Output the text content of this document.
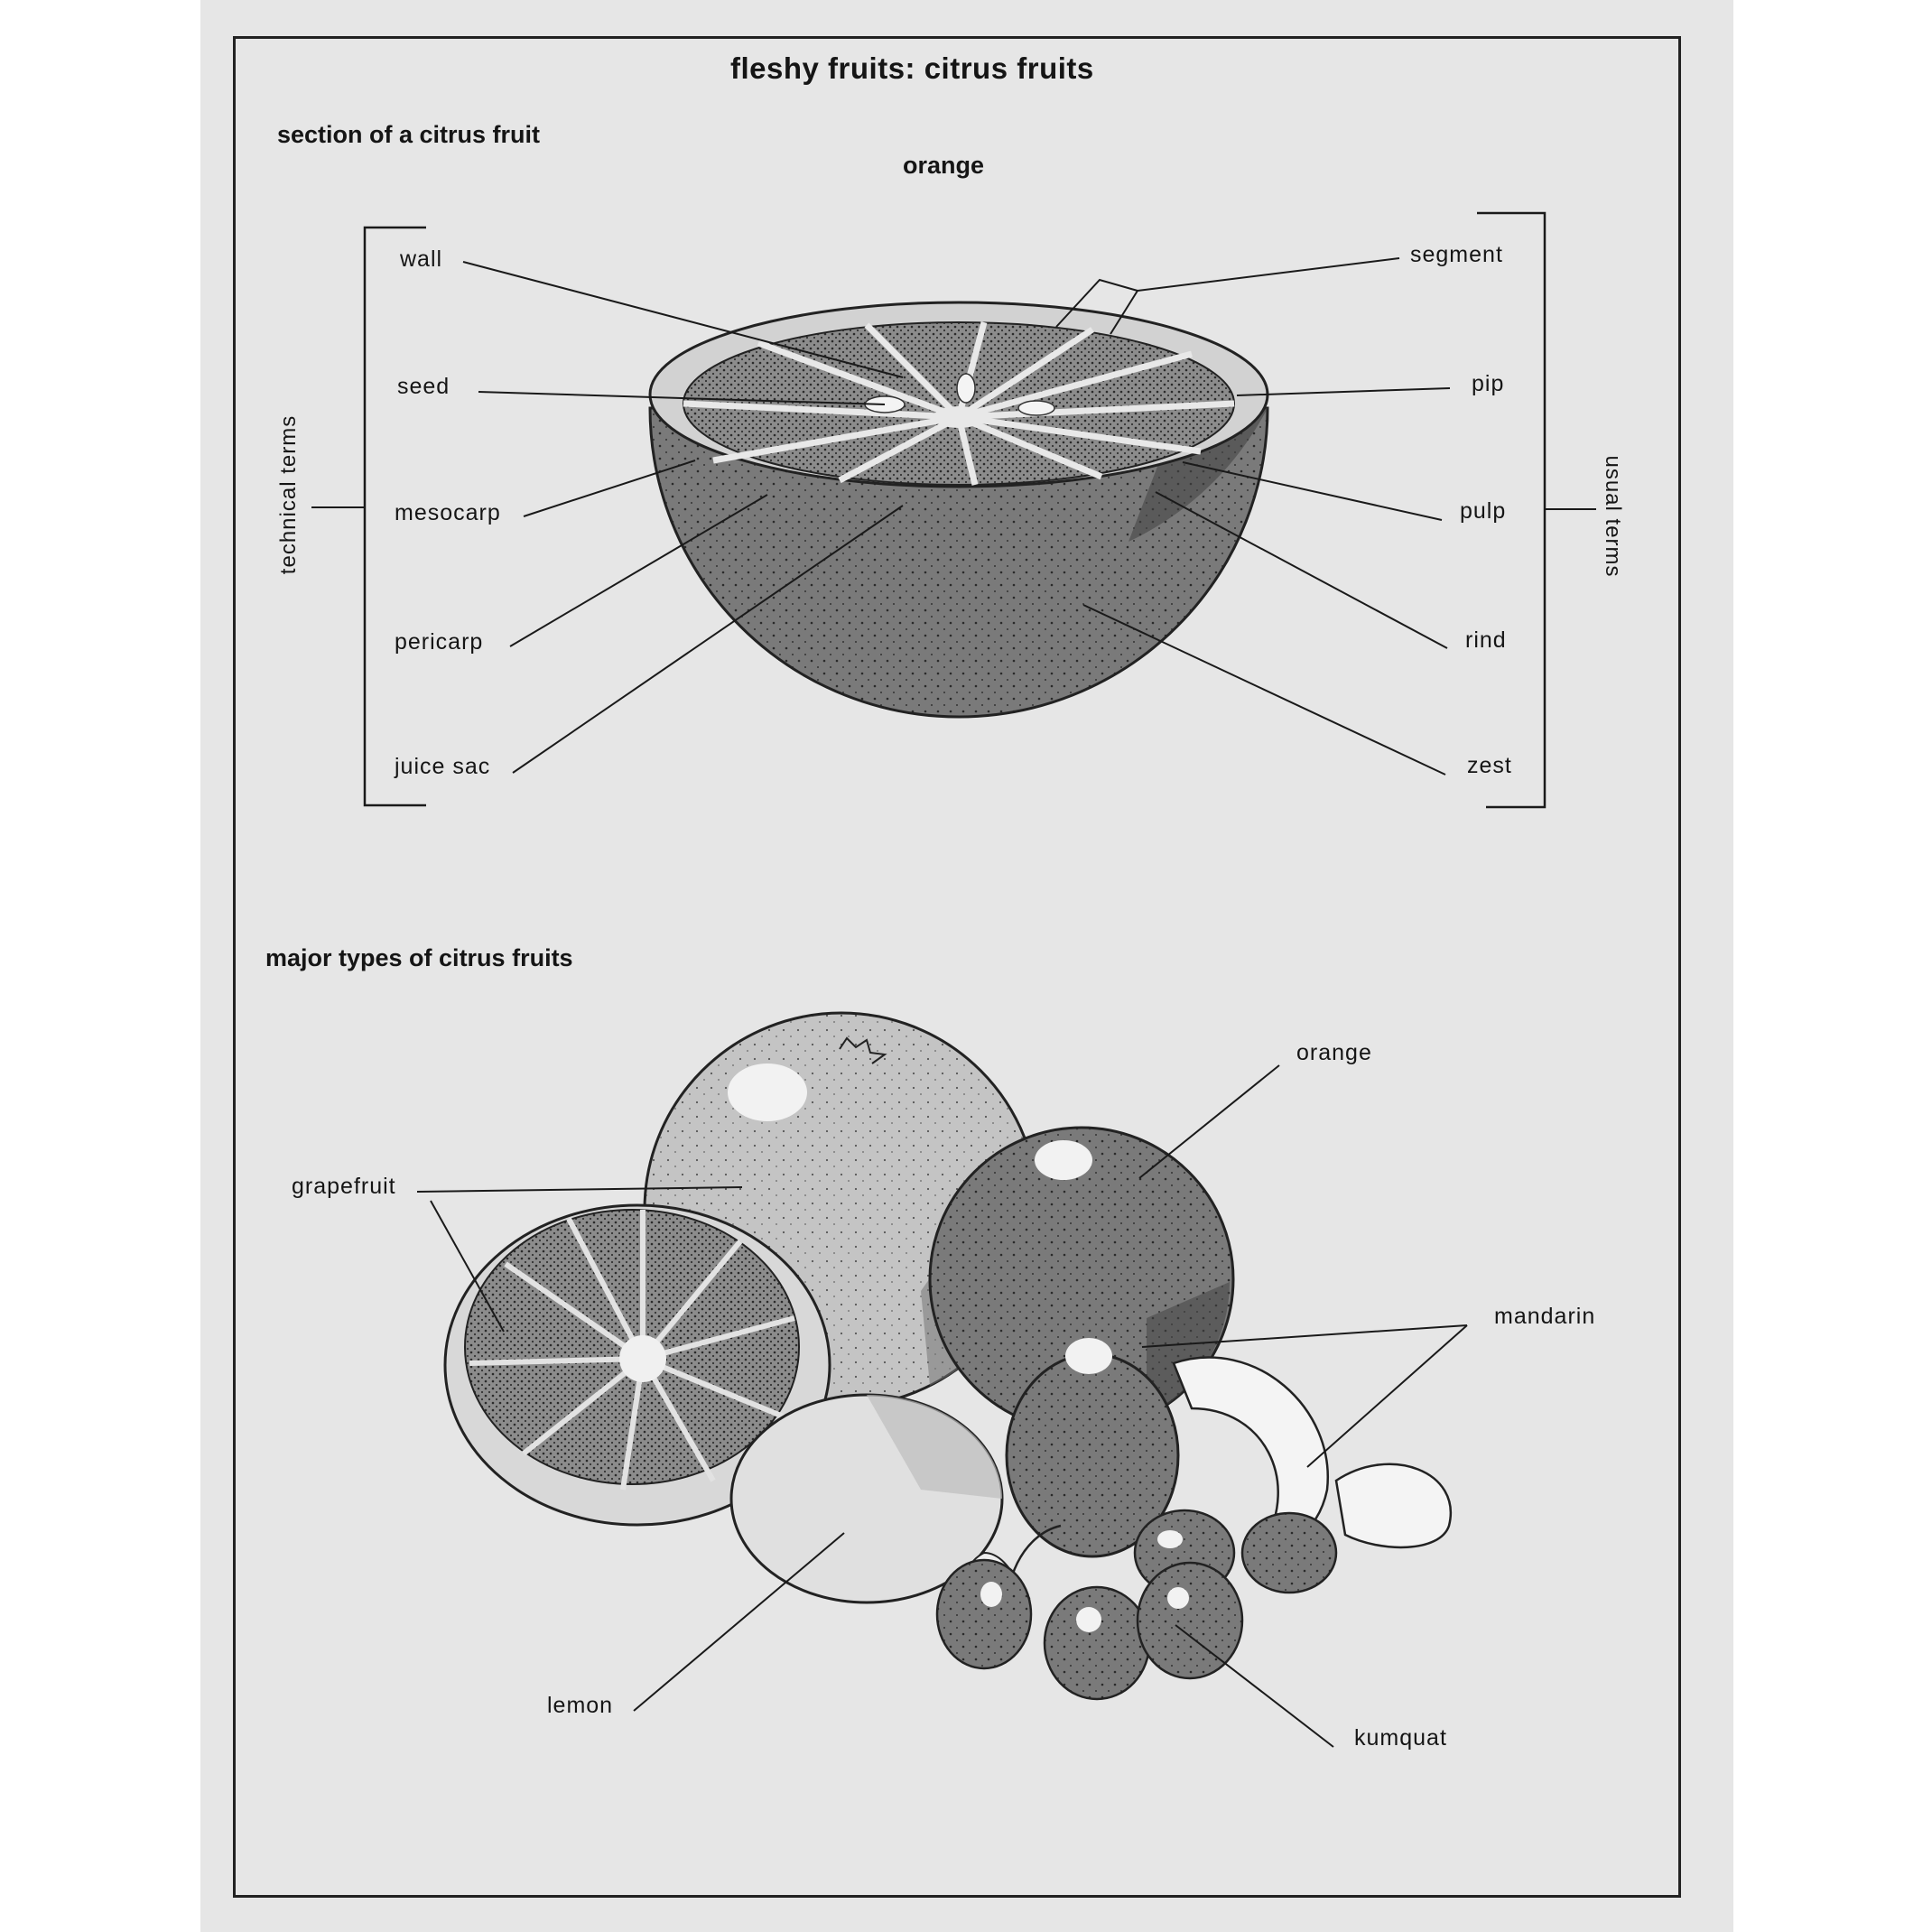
fleshy fruits: citrus fruits
section of a citrus fruit
orange
major types of citrus fruits
technical terms	usual terms
wall
seed
mesocarp
pericarp
juice sac
segment
pip
pulp
rind
zest
grapefruit
orange
mandarin
lemon
kumquat
